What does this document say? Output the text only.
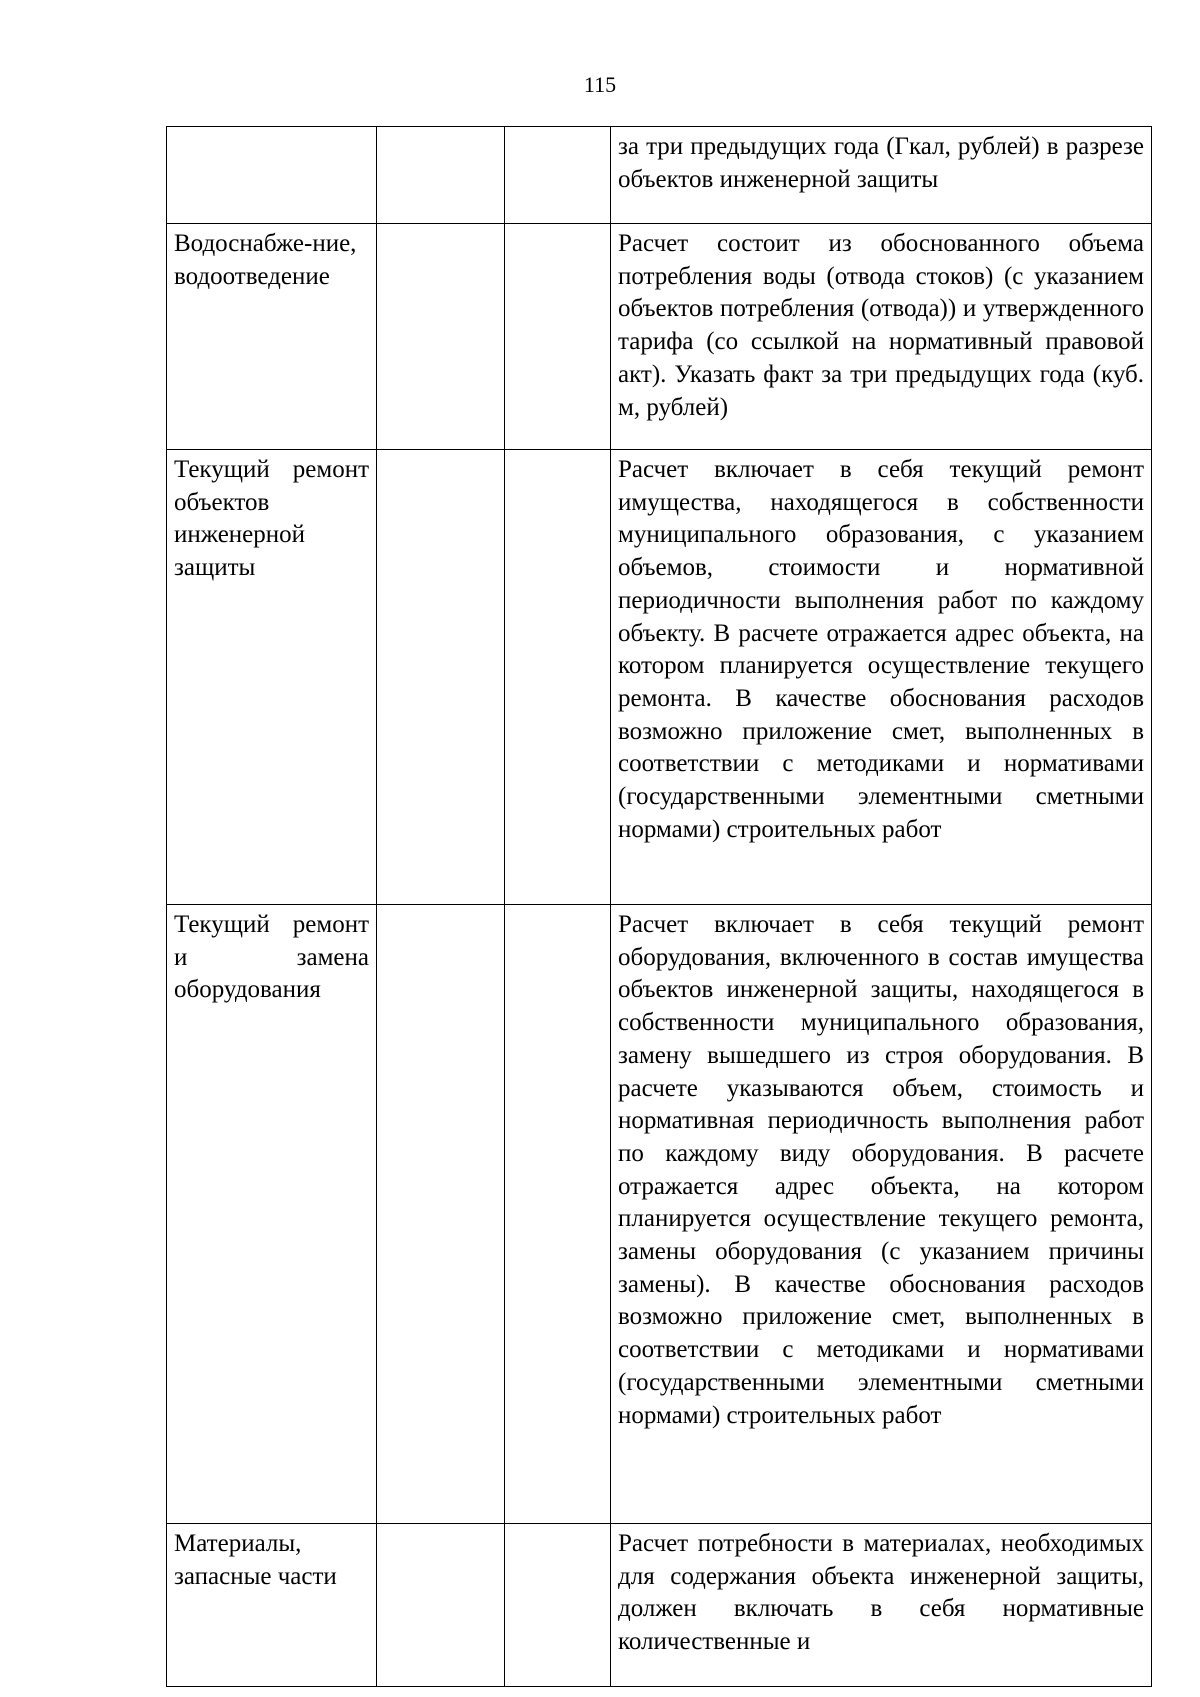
115
			за три предыдущих года (Гкал, рублей) в разрезе объектов инженерной защиты
Водоснабже-ние, водоотведение			Расчет состоит из обоснованного объема потребления воды (отвода стоков) (с указанием объектов потребления (отвода)) и утвержденного тарифа (со ссылкой на нормативный правовой акт). Указать факт за три предыдущих года (куб. м, рублей)
Текущий ремонт объектов инженерной защиты			Расчет включает в себя текущий ремонт имущества, находящегося в собственности муниципального образования, с указанием объемов, стоимости и нормативной периодичности выполнения работ по каждому объекту. В расчете отражается адрес объекта, на котором планируется осуществление текущего ремонта. В качестве обоснования расходов возможно приложение смет, выполненных в соответствии с методиками и нормативами (государственными элементными сметными нормами) строительных работ
Текущий ремонт и замена оборудования			Расчет включает в себя текущий ремонт оборудования, включенного в состав имущества объектов инженерной защиты, находящегося в собственности муниципального образования, замену вышедшего из строя оборудования. В расчете указываются объем, стоимость и нормативная периодичность выполнения работ по каждому виду оборудования. В расчете отражается адрес объекта, на котором планируется осуществление текущего ремонта, замены оборудования (с указанием причины замены). В качестве обоснования расходов возможно приложение смет, выполненных в соответствии с методиками и нормативами (государственными элементными сметными нормами) строительных работ
Материалы, запасные части			Расчет потребности в материалах, необходимых для содержания объекта инженерной защиты, должен включать в себя нормативные количественные и
